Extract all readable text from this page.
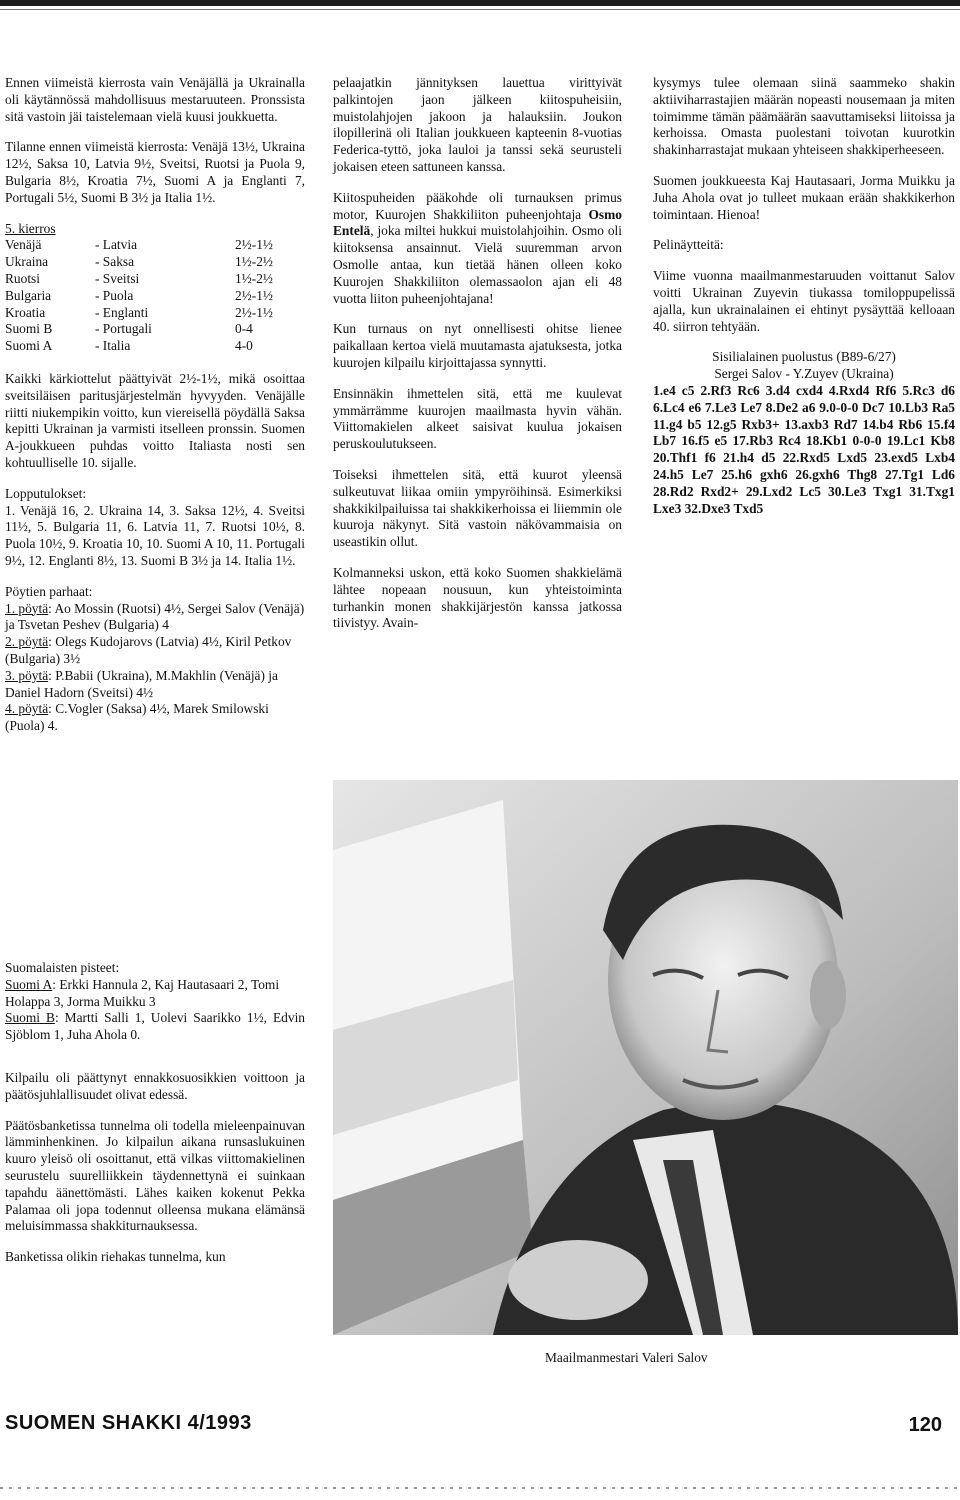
Ennen viimeistä kierrosta vain Venäjällä ja Ukrainalla oli käytännössä mahdollisuus mestaruuteen. Pronssista sitä vastoin jäi taistelemaan vielä kuusi joukkuetta.

Tilanne ennen viimeistä kierrosta: Venäjä 13½, Ukraina 12½, Saksa 10, Latvia 9½, Sveitsi, Ruotsi ja Puola 9, Bulgaria 8½, Kroatia 7½, Suomi A ja Englanti 7, Portugali 5½, Suomi B 3½ ja Italia 1½.

5. kierros
Venäjä	- Latvia	2½-1½
Ukraina	- Saksa	1½-2½
Ruotsi	- Sveitsi	1½-2½
Bulgaria	- Puola	2½-1½
Kroatia	- Englanti	2½-1½
Suomi B	- Portugali	0-4
Suomi A	- Italia	4-0

Kaikki kärkiottelut päättyivät 2½-1½, mikä osoittaa sveitsiläisen paritusjärjestelmän hyvyyden. Venäjälle riitti niukempikin voitto, kun viereisellä pöydällä Saksa kepitti Ukrainan ja varmisti itselleen pronssin. Suomen A-joukkueen puhdas voitto Italiasta nosti sen kohtuulliselle 10. sijalle.

Lopputulokset:

1. Venäjä 16, 2. Ukraina 14, 3. Saksa 12½, 4. Sveitsi 11½, 5. Bulgaria 11, 6. Latvia 11, 7. Ruotsi 10½, 8. Puola 10½, 9. Kroatia 10, 10. Suomi A 10, 11. Portugali 9½, 12. Englanti 8½, 13. Suomi B 3½ ja 14. Italia 1½.

Pöytien parhaat:
1. pöytä: Ao Mossin (Ruotsi) 4½, Sergei Salov (Venäjä) ja Tsvetan Peshev (Bulgaria) 4
2. pöytä: Olegs Kudojarovs (Latvia) 4½, Kiril Petkov (Bulgaria) 3½
3. pöytä: P.Babii (Ukraina), M.Makhlin (Venäjä) ja Daniel Hadorn (Sveitsi) 4½
4. pöytä: C.Vogler (Saksa) 4½, Marek Smilowski (Puola) 4.
Suomalaisten pisteet:
Suomi A: Erkki Hannula 2, Kaj Hautasaari 2, Tomi Holappa 3, Jorma Muikku 3

Suomi B: Martti Salli 1, Uolevi Saarikko 1½, Edvin Sjöblom 1, Juha Ahola 0.

Kilpailu oli päättynyt ennakkosuosikkien voittoon ja päätösjuhlallisuudet olivat edessä.

Päätösbanketissa tunnelma oli todella mieleenpainuvan lämminhenkinen. Jo kilpailun aikana runsaslukuinen kuuro yleisö oli osoittanut, että vilkas viittomakielinen seurustelu suurelliikkein täydennettynä ei suinkaan tapahdu äänettömästi. Lähes kaiken kokenut Pekka Palamaa oli jopa todennut olleensa mukana elämänsä meluisimmassa shakkiturnauksessa.

Banketissa olikin riehakas tunnelma, kun

pelaajatkin jännityksen lauettua virittyivät palkintojen jaon jälkeen kiitospuheisiin, muistolahjojen jakoon ja halauksiin. Joukon ilopillerinä oli Italian joukkueen kapteenin 8-vuotias Federica-tyttö, joka lauloi ja tanssi sekä seurusteli jokaisen eteen sattuneen kanssa.

Kiitospuheiden pääkohde oli turnauksen primus motor, Kuurojen Shakkiliiton puheenjohtaja Osmo Entelä, joka miltei hukkui muistolahjoihin. Osmo oli kiitoksensa ansainnut. Vielä suuremman arvon Osmolle antaa, kun tietää hänen olleen koko Kuurojen Shakkiliiton olemassaolon ajan eli 48 vuotta liiton puheenjohtajana!

Kun turnaus on nyt onnellisesti ohitse lienee paikallaan kertoa vielä muutamasta ajatuksesta, jotka kuurojen kilpailu kirjoittajassa synnytti.

Ensinnäkin ihmettelen sitä, että me kuulevat ymmärrämme kuurojen maailmasta hyvin vähän. Viittomakielen alkeet saisivat kuulua jokaisen peruskoulutukseen.

Toiseksi ihmettelen sitä, että kuurot yleensä sulkeutuvat liikaa omiin ympyröihinsä. Esimerkiksi shakkikilpailuissa tai shakkikerhoissa ei liiemmin ole kuuroja näkynyt. Sitä vastoin näkövammaisia on useastikin ollut.

Kolmanneksi uskon, että koko Suomen shakkielämä lähtee nopeaan nousuun, kun yhteistoiminta turhankin monen shakkijärjestön kanssa jatkossa tiivistyy. Avain-

kysymys tulee olemaan siinä saammeko shakin aktiiviharrastajien määrän nopeasti nousemaan ja miten toimimme tämän päämäärän saavuttamiseksi liitoissa ja kerhoissa. Omasta puolestani toivotan kuurotkin shakinharrastajat mukaan yhteiseen shakkiperheeseen.

Suomen joukkueesta Kaj Hautasaari, Jorma Muikku ja Juha Ahola ovat jo tulleet mukaan erään shakkikerhon toimintaan. Hienoa!

Pelinäytteitä:

Viime vuonna maailmanmestaruuden voittanut Salov voitti Ukrainan Zuyevin tiukassa tomiloppupelissä ajalla, kun ukrainalainen ei ehtinyt pysäyttää kelloaan 40. siirron tehtyään.

Sisilialainen puolustus (B89-6/27)
Sergei Salov - Y.Zuyev (Ukraina)

1.e4 c5 2.Rf3 Rc6 3.d4 cxd4 4.Rxd4 Rf6 5.Rc3 d6 6.Lc4 e6 7.Le3 Le7 8.De2 a6 9.0-0-0 Dc7 10.Lb3 Ra5 11.g4 b5 12.g5 Rxb3+ 13.axb3 Rd7 14.b4 Rb6 15.f4 Lb7 16.f5 e5 17.Rb3 Rc4 18.Kb1 0-0-0 19.Lc1 Kb8 20.Thf1 f6 21.h4 d5 22.Rxd5 Lxd5 23.exd5 Lxb4 24.h5 Le7 25.h6 gxh6 26.gxh6 Thg8 27.Tg1 Ld6 28.Rd2 Rxd2+ 29.Lxd2 Lc5 30.Le3 Txg1 31.Txg1 Lxe3 32.Dxe3 Txd5

Maailmanmestari Valeri Salov
SUOMEN SHAKKI 4/1993	120
